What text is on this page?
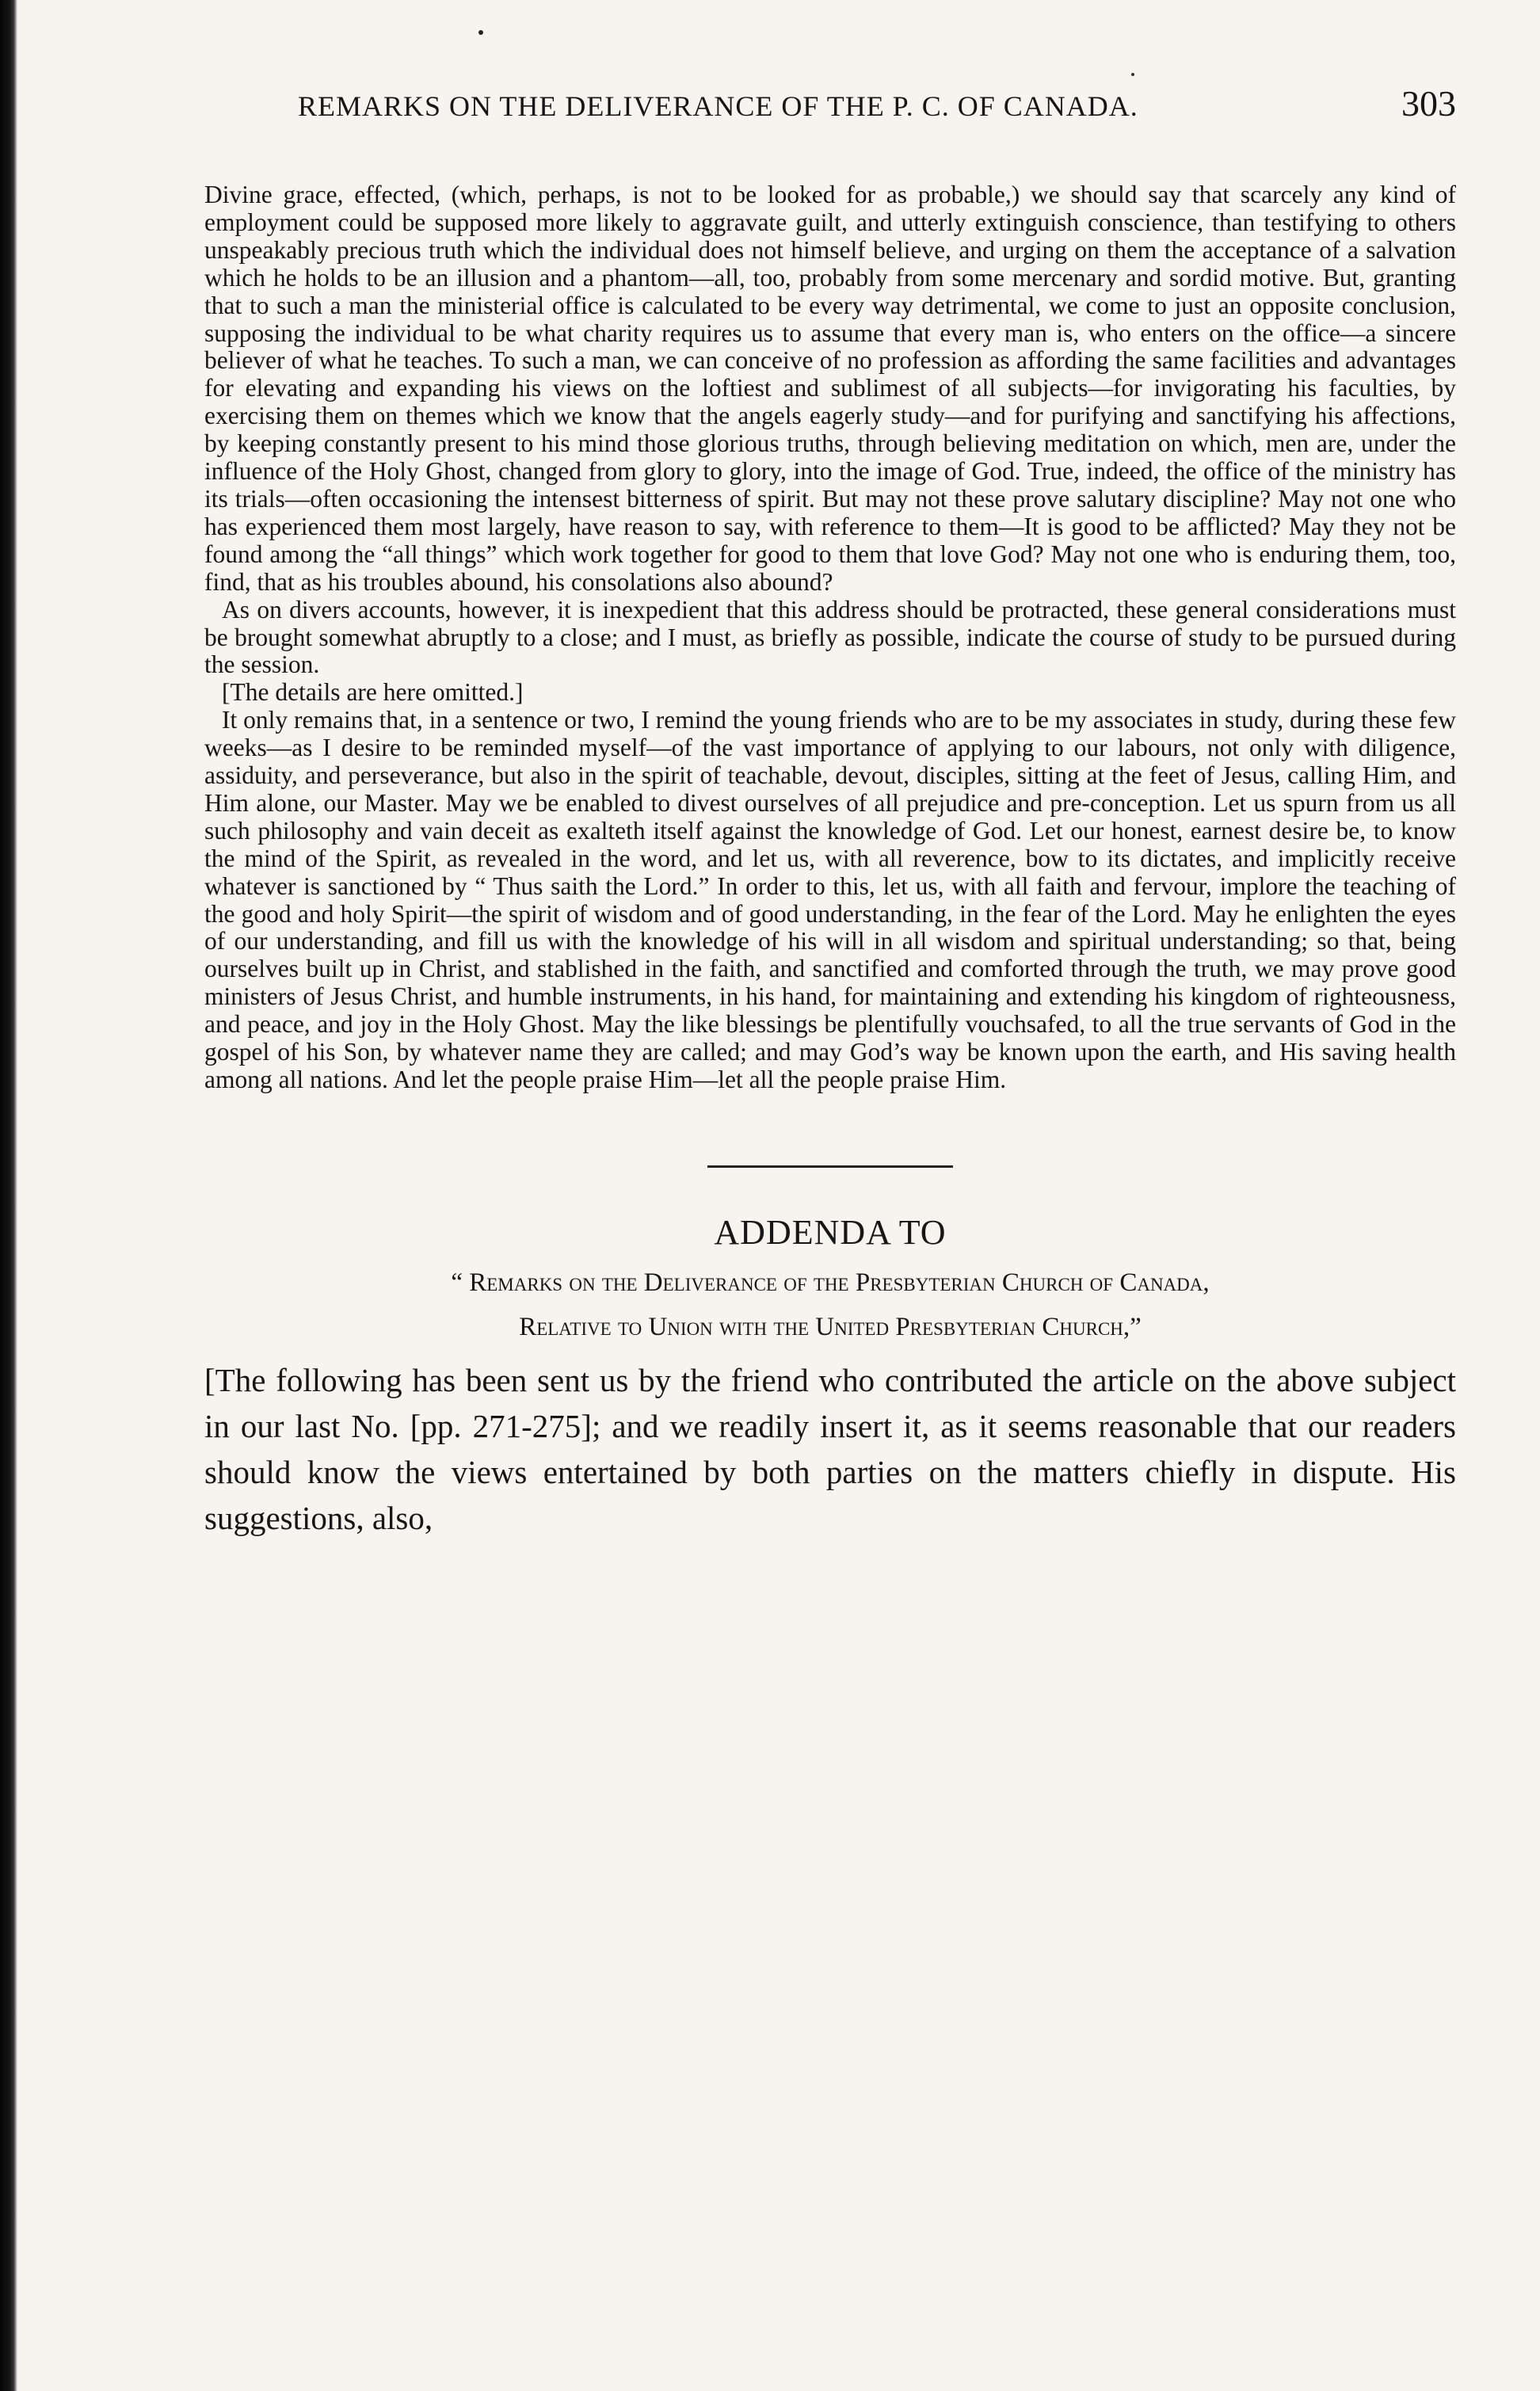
REMARKS ON THE DELIVERANCE OF THE P. C. OF CANADA.	303

Divine grace, effected, (which, perhaps, is not to be looked for as probable,) we should say that scarcely any kind of employment could be supposed more likely to aggravate guilt, and utterly extinguish conscience, than testifying to others unspeakably precious truth which the individual does not himself believe, and urging on them the acceptance of a salvation which he holds to be an illusion and a phantom—all, too, probably from some mercenary and sordid motive. But, granting that to such a man the ministerial office is calculated to be every way detrimental, we come to just an opposite conclusion, supposing the individual to be what charity requires us to assume that every man is, who enters on the office—a sincere believer of what he teaches. To such a man, we can conceive of no profession as affording the same facilities and advantages for elevating and expanding his views on the loftiest and sublimest of all subjects—for invigorating his faculties, by exercising them on themes which we know that the angels eagerly study—and for purifying and sanctifying his affections, by keeping constantly present to his mind those glorious truths, through believing meditation on which, men are, under the influence of the Holy Ghost, changed from glory to glory, into the image of God. True, indeed, the office of the ministry has its trials—often occasioning the intensest bitterness of spirit. But may not these prove salutary discipline? May not one who has experienced them most largely, have reason to say, with reference to them—It is good to be afflicted? May they not be found among the “all things” which work together for good to them that love God? May not one who is enduring them, too, find, that as his troubles abound, his consolations also abound?

As on divers accounts, however, it is inexpedient that this address should be protracted, these general considerations must be brought somewhat abruptly to a close; and I must, as briefly as possible, indicate the course of study to be pursued during the session.

[The details are here omitted.]

It only remains that, in a sentence or two, I remind the young friends who are to be my associates in study, during these few weeks—as I desire to be reminded myself—of the vast importance of applying to our labours, not only with diligence, assiduity, and perseverance, but also in the spirit of teachable, devout, disciples, sitting at the feet of Jesus, calling Him, and Him alone, our Master. May we be enabled to divest ourselves of all prejudice and pre-conception. Let us spurn from us all such philosophy and vain deceit as exalteth itself against the knowledge of God. Let our honest, earnest desire be, to know the mind of the Spirit, as revealed in the word, and let us, with all reverence, bow to its dictates, and implicitly receive whatever is sanctioned by “ Thus saith the Lord.” In order to this, let us, with all faith and fervour, implore the teaching of the good and holy Spirit—the spirit of wisdom and of good understanding, in the fear of the Lord. May he enlighten the eyes of our understanding, and fill us with the knowledge of his will in all wisdom and spiritual understanding; so that, being ourselves built up in Christ, and stablished in the faith, and sanctified and comforted through the truth, we may prove good ministers of Jesus Christ, and humble instruments, in his hand, for maintaining and extending his kingdom of righteousness, and peace, and joy in the Holy Ghost. May the like blessings be plentifully vouchsafed, to all the true servants of God in the gospel of his Son, by whatever name they are called; and may God’s way be known upon the earth, and His saving health among all nations. And let the people praise Him—let all the people praise Him.

ADDENDA TO
“ Remarks on the Deliverance of the Presbyterian Church of Canada,
Relative to Union with the United Presbyterian Church,”
[The following has been sent us by the friend who contributed the article on the above subject in our last No. [pp. 271-275]; and we readily insert it, as it seems reasonable that our readers should know the views entertained by both parties on the matters chiefly in dispute. His suggestions, also,
